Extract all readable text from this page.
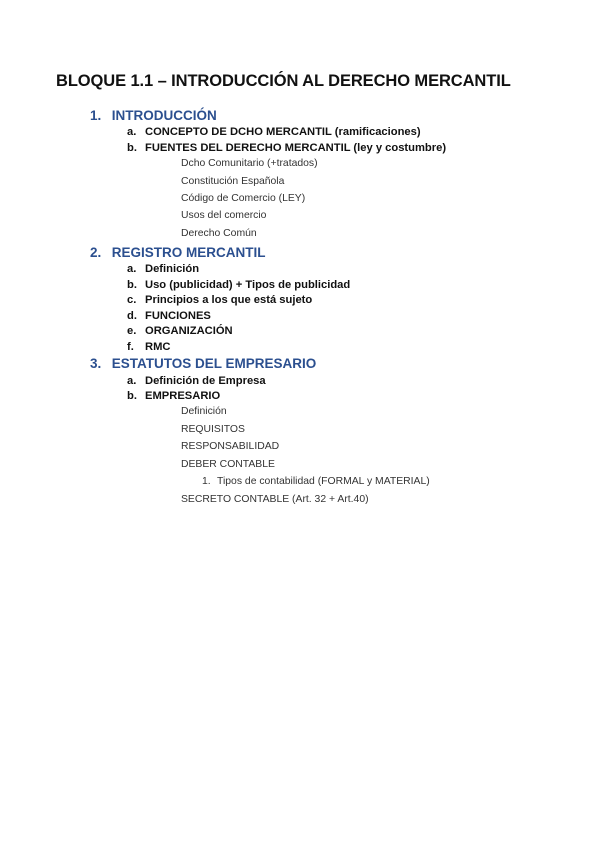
BLOQUE 1.1 – INTRODUCCIÓN AL DERECHO MERCANTIL
1. INTRODUCCIÓN
a. CONCEPTO DE DCHO MERCANTIL (ramificaciones)
b. FUENTES DEL DERECHO MERCANTIL (ley y costumbre)
Dcho Comunitario (+tratados)
Constitución Española
Código de Comercio (LEY)
Usos del comercio
Derecho Común
2. REGISTRO MERCANTIL
a. Definición
b. Uso (publicidad) + Tipos de publicidad
c. Principios a los que está sujeto
d. FUNCIONES
e. ORGANIZACIÓN
f. RMC
3. ESTATUTOS DEL EMPRESARIO
a. Definición de Empresa
b. EMPRESARIO
Definición
REQUISITOS
RESPONSABILIDAD
DEBER CONTABLE
1. Tipos de contabilidad (FORMAL y MATERIAL)
SECRETO CONTABLE (Art. 32 + Art.40)
